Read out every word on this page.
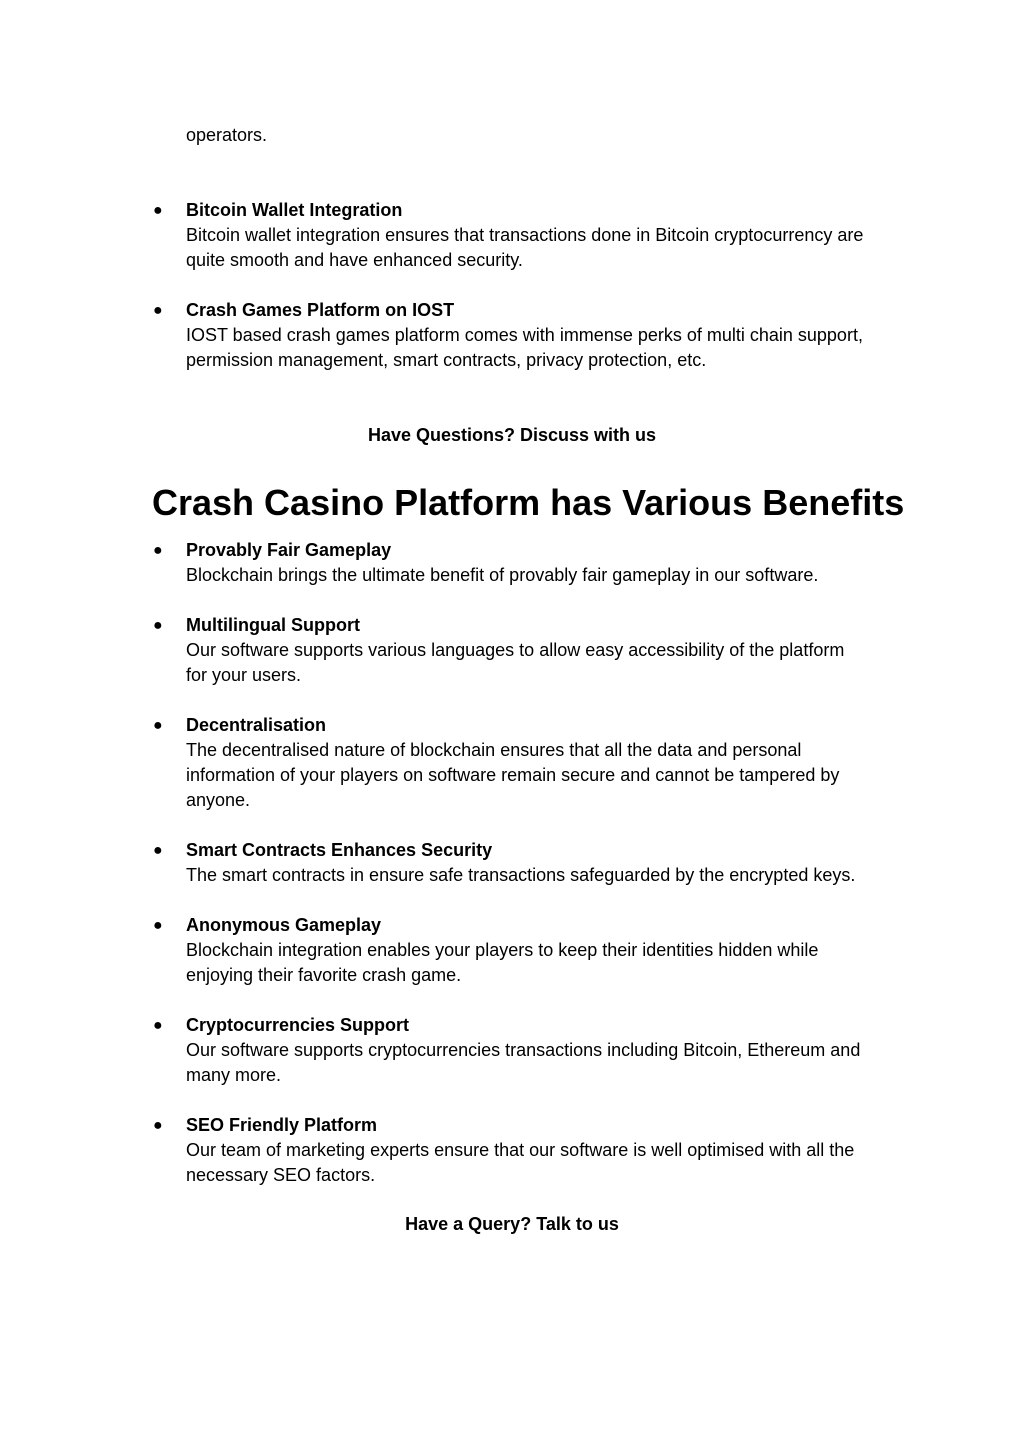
operators.

● Bitcoin Wallet Integration
Bitcoin wallet integration ensures that transactions done in Bitcoin cryptocurrency are
quite smooth and have enhanced security.
● Crash Games Platform on IOST
IOST based crash games platform comes with immense perks of multi chain support,
permission management, smart contracts, privacy protection, etc.
Have Questions? Discuss with us
Crash Casino Platform has Various Benefits
● Provably Fair Gameplay
Blockchain brings the ultimate benefit of provably fair gameplay in our software.
● Multilingual Support
Our software supports various languages to allow easy accessibility of the platform
for your users.
● Decentralisation
The decentralised nature of blockchain ensures that all the data and personal
information of your players on software remain secure and cannot be tampered by
anyone.
● Smart Contracts Enhances Security
The smart contracts in ensure safe transactions safeguarded by the encrypted keys.
● Anonymous Gameplay
Blockchain integration enables your players to keep their identities hidden while
enjoying their favorite crash game.
● Cryptocurrencies Support
Our software supports cryptocurrencies transactions including Bitcoin, Ethereum and
many more.
● SEO Friendly Platform
Our team of marketing experts ensure that our software is well optimised with all the
necessary SEO factors.
Have a Query? Talk to us
